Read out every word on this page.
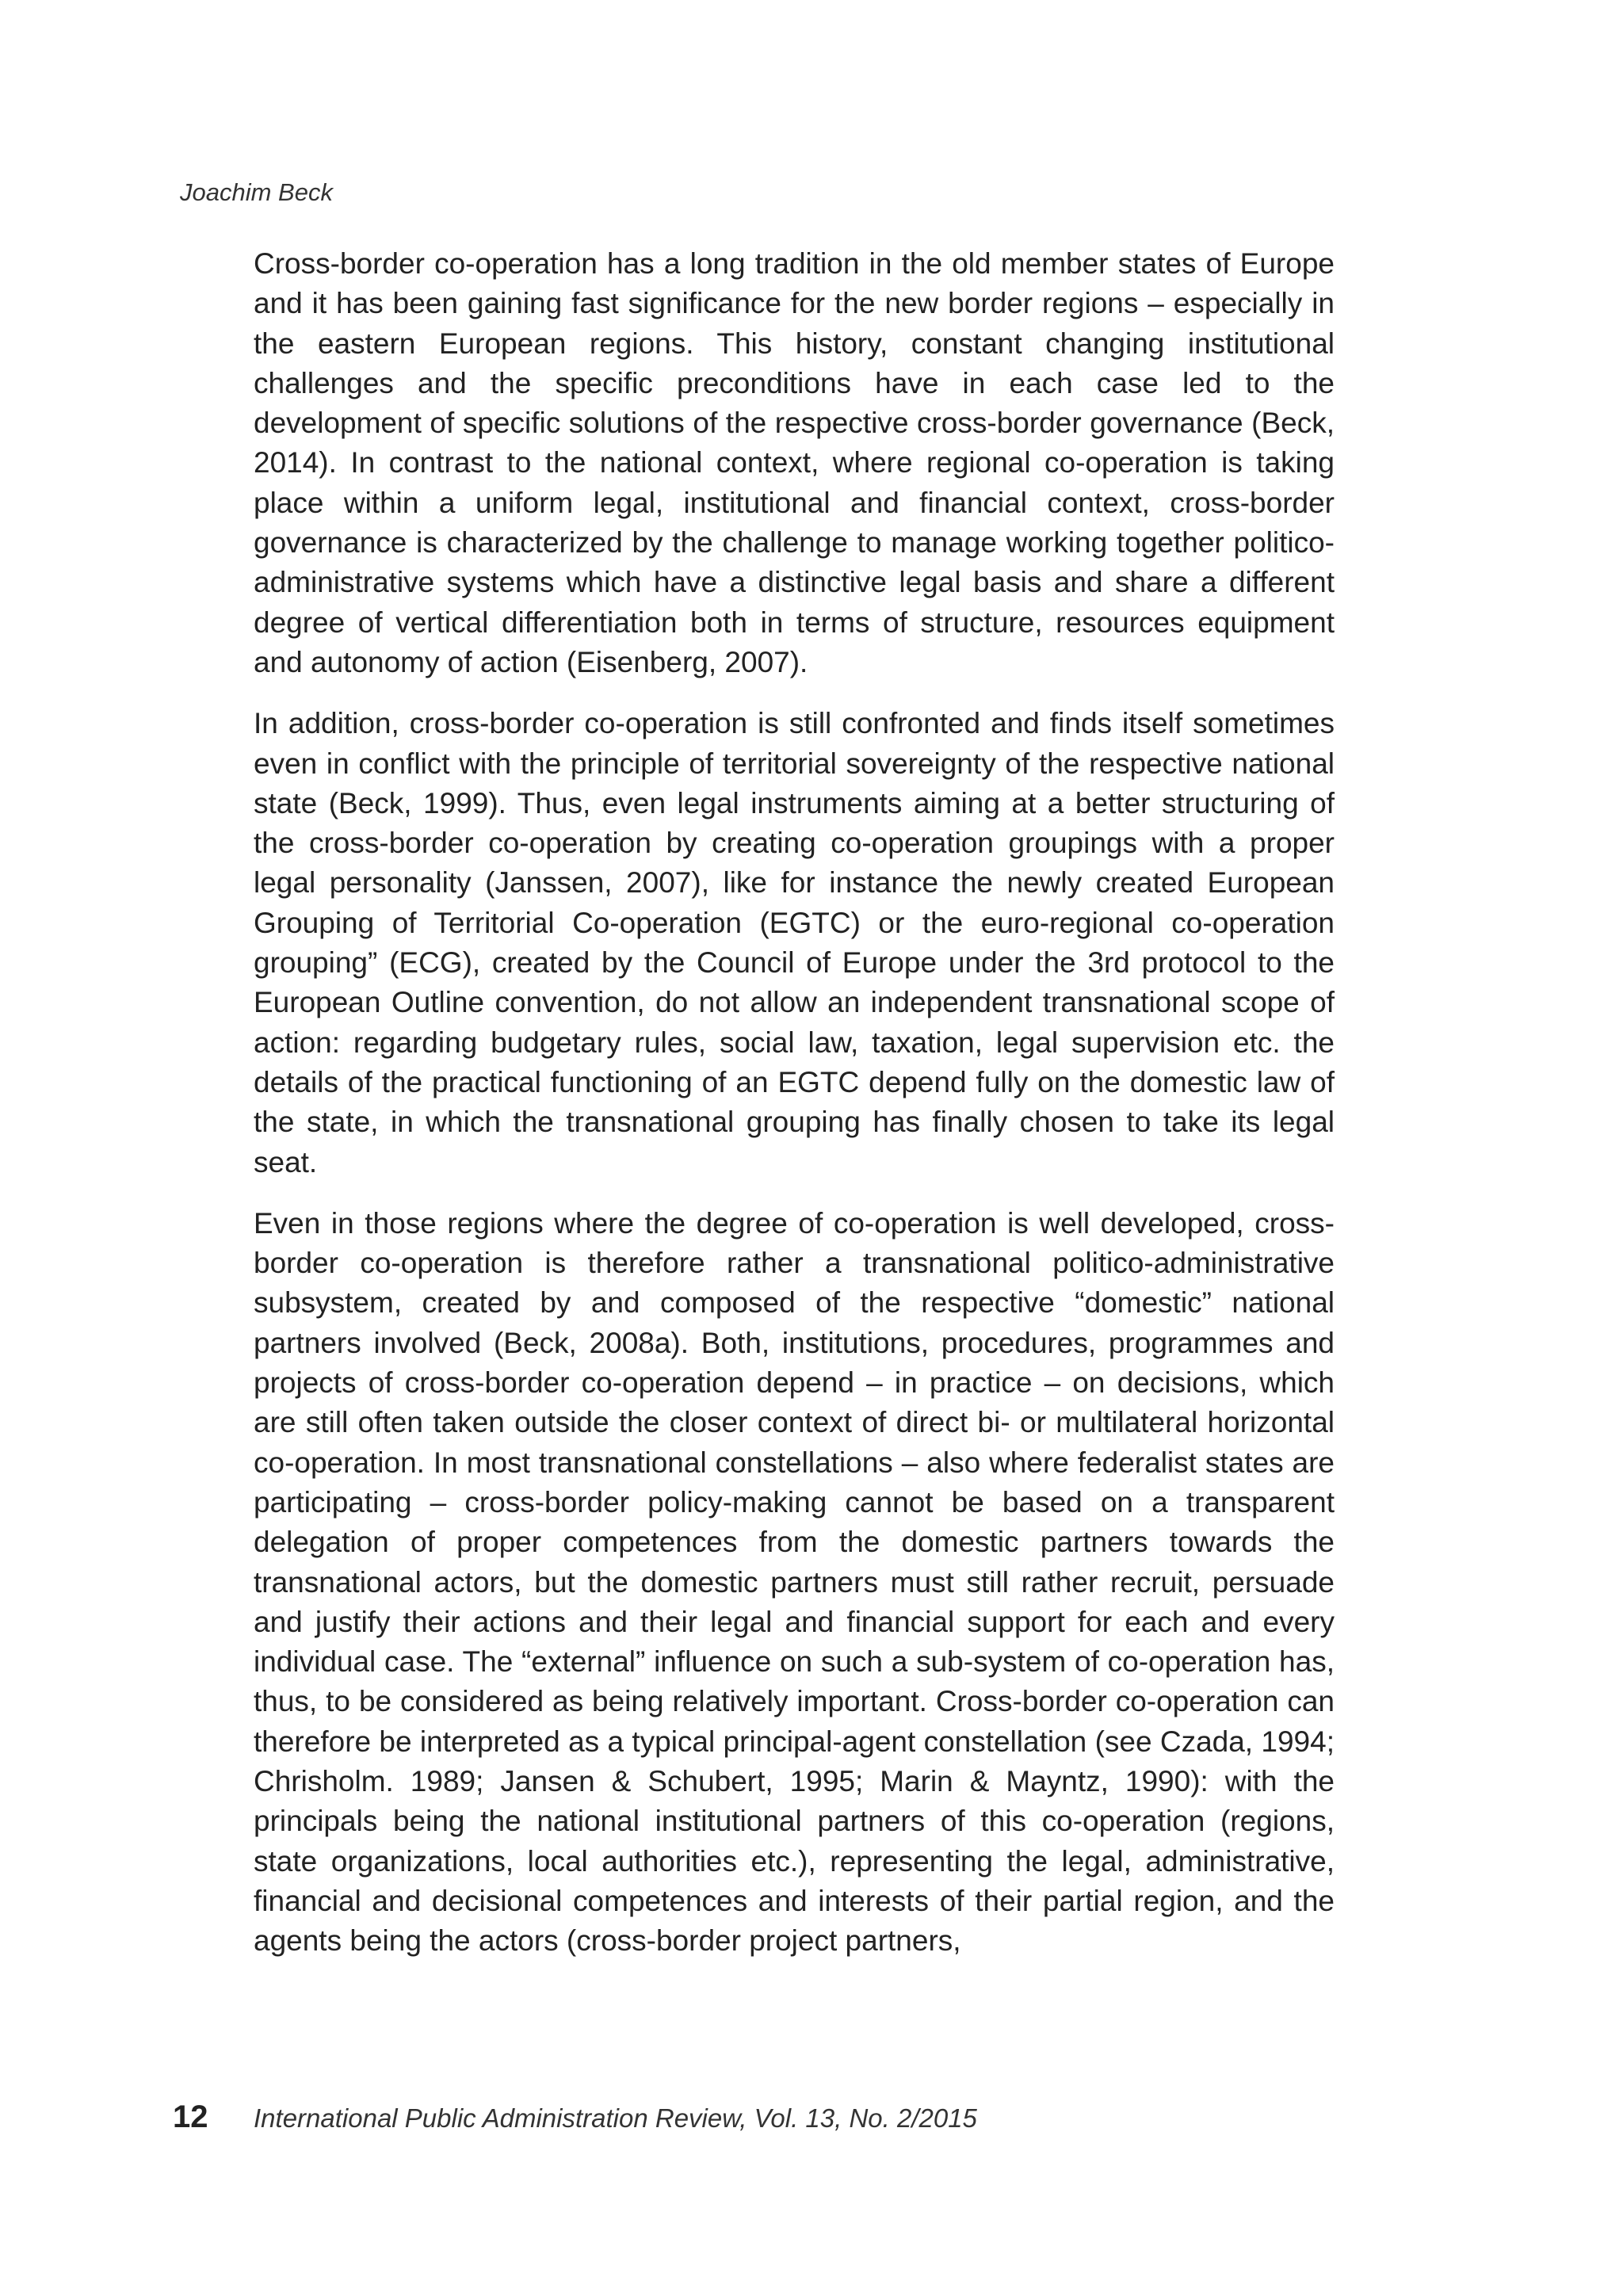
Joachim Beck

Cross-border co-operation has a long tradition in the old member states of Europe and it has been gaining fast significance for the new border regions – especially in the eastern European regions. This history, constant changing institutional challenges and the specific preconditions have in each case led to the development of specific solutions of the respective cross-border governance (Beck, 2014). In contrast to the national context, where regional co-operation is taking place within a uniform legal, institutional and financial context, cross-border governance is characterized by the challenge to manage working together politico-administrative systems which have a distinctive legal basis and share a different degree of vertical differentiation both in terms of structure, resources equipment and autonomy of action (Eisenberg, 2007).

In addition, cross-border co-operation is still confronted and finds itself sometimes even in conflict with the principle of territorial sovereignty of the respective national state (Beck, 1999). Thus, even legal instruments aiming at a better structuring of the cross-border co-operation by creating co-operation groupings with a proper legal personality (Janssen, 2007), like for instance the newly created European Grouping of Territorial Co-operation (EGTC) or the euro-regional co-operation grouping” (ECG), created by the Council of Europe under the 3rd protocol to the European Outline convention, do not allow an independent transnational scope of action: regarding budgetary rules, social law, taxation, legal supervision etc. the details of the practical functioning of an EGTC depend fully on the domestic law of the state, in which the transnational grouping has finally chosen to take its legal seat.

Even in those regions where the degree of co-operation is well developed, cross-border co-operation is therefore rather a transnational politico-administrative subsystem, created by and composed of the respective “domestic” national partners involved (Beck, 2008a). Both, institutions, procedures, programmes and projects of cross-border co-operation depend – in practice – on decisions, which are still often taken outside the closer context of direct bi- or multilateral horizontal co-operation. In most transnational constellations – also where federalist states are participating – cross-border policy-making cannot be based on a transparent delegation of proper competences from the domestic partners towards the transnational actors, but the domestic partners must still rather recruit, persuade and justify their actions and their legal and financial support for each and every individual case. The “external” influence on such a sub-system of co-operation has, thus, to be considered as being relatively important. Cross-border co-operation can therefore be interpreted as a typical principal-agent constellation (see Czada, 1994; Chrisholm. 1989; Jansen & Schubert, 1995; Marin & Mayntz, 1990): with the principals being the national institutional partners of this co-operation (regions, state organizations, local authorities etc.), representing the legal, administrative, financial and decisional competences and interests of their partial region, and the agents being the actors (cross-border project partners,

12	International Public Administration Review, Vol. 13, No. 2/2015
